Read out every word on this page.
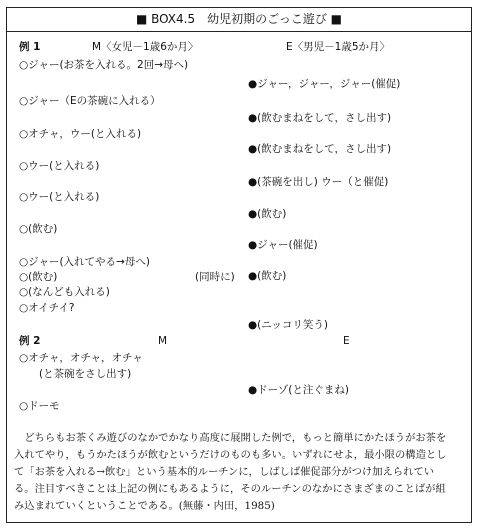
■ BOX4.5　幼児初期のごっこ遊び ■
例 1	M〈女児－1歳6か月〉	E〈男児－1歳5か月〉
○ジャー(お茶を入れる。2回→母へ)
●ジャー，ジャー，ジャー(催促)
○ジャー（Eの茶碗に入れる）
●(飲むまねをして，さし出す)
○オチャ，ウー(と入れる)
●(飲むまねをして，さし出す)
○ウー(と入れる)
●(茶碗を出し) ウー（と催促)
○ウー(と入れる)
●(飲む)
○(飲む)
●ジャー(催促)
○ジャー(入れてやる→母へ)
○(飲む)	(同時に) ●(飲む)
○(なんども入れる)
○オイチイ?
●(ニッコリ笑う)
例 2	M	E
○オチャ，オチャ，オチャ
(と茶碗をさし出す)
●ドーゾ(と注ぐまね)
○ドーモ
どちらもお茶くみ遊びのなかでかなり高度に展開した例で，もっと簡単にかたほうがお茶を入れてやり，もうかたほうが飲むというだけのものも多い。いずれにせよ，最小限の構造として「お茶を入れる→飲む」という基本的ルーチンに，しばしば催促部分がつけ加えられている。注目すべきことは上記の例にもあるように，そのルーチンのなかにさまざまのことばが組み込まれていくということである。(無藤・内田，1985)
